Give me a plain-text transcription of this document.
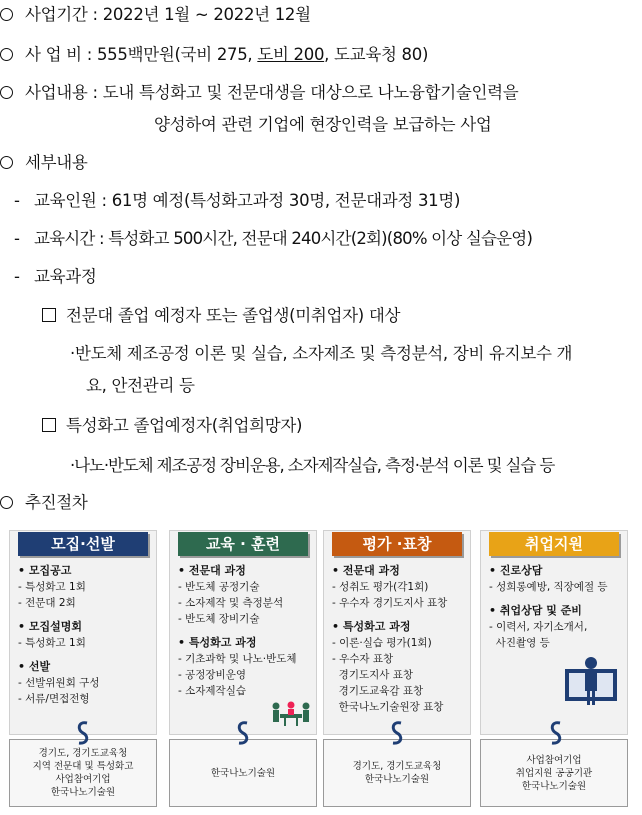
사업기간 : 2022년 1월 ~ 2022년 12월
사 업 비 : 555백만원(국비 275, 도비 200, 도교육청 80)
사업내용 : 도내 특성화고 및 전문대생을 대상으로 나노융합기술인력을
양성하여 관련 기업에 현장인력을 보급하는 사업
세부내용
- 교육인원 : 61명 예정(특성화고과정 30명, 전문대과정 31명)
- 교육시간 : 특성화고 500시간, 전문대 240시간(2회)(80% 이상 실습운영)
- 교육과정
전문대 졸업 예정자 또는 졸업생(미취업자) 대상
·반도체 제조공정 이론 및 실습, 소자제조 및 측정분석, 장비 유지보수 개
요, 안전관리 등
특성화고 졸업예정자(취업희망자)
·나노·반도체 제조공정 장비운용, 소자제작실습, 측정·분석 이론 및 실습 등
추진절차
모집·선발
• 모집공고
- 특성화고 1회
- 전문대 2회
• 모집설명회
- 특성화고 1회
• 선발
- 선발위원회 구성
- 서류/면접전형
경기도, 경기도교육청
지역 전문대 및 특성화고
사업참여기업
한국나노기술원
교육 · 훈련
• 전문대 과정
- 반도체 공정기술
- 소자제작 및 측정분석
- 반도체 장비기술
• 특성화고 과정
- 기초과학 및 나노·반도체
- 공정장비운영
- 소자제작실습
한국나노기술원
평가 ·표창
• 전문대 과정
- 성취도 평가(각1회)
- 우수자 경기도지사 표창
• 특성화고 과정
- 이론·실습 평가(1회)
- 우수자 표창
경기도지사 표창
경기도교육감 표창
한국나노기술원장 표창
경기도, 경기도교육청
한국나노기술원
취업지원
• 진로상담
- 성희롱예방, 직장예절 등
• 취업상담 및 준비
- 이력서, 자기소개서,
사진촬영 등
사업참여기업
취업지원 공공기관
한국나노기술원
